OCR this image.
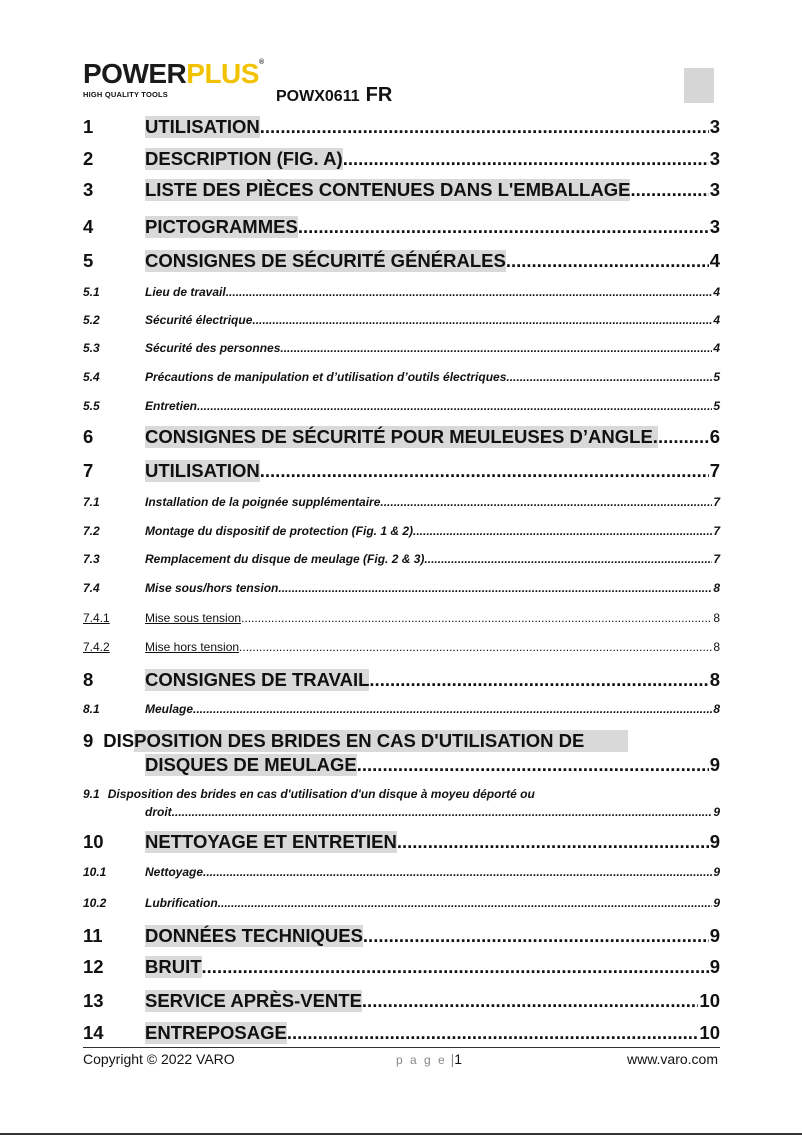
POWERPLUS®
HIGH QUALITY TOOLS	POWX0611 FR
1	UTILISATION .....	3
2	DESCRIPTION (FIG. A) .....	3
3	LISTE DES PIÈCES CONTENUES DANS L'EMBALLAGE .....	3
4	PICTOGRAMMES .....	3
5	CONSIGNES DE SÉCURITÉ GÉNÉRALES .....	4
5.1	Lieu de travail .....	4
5.2	Sécurité électrique .....	4
5.3	Sécurité des personnes .....	4
5.4	Précautions de manipulation et d’utilisation d’outils électriques .....	5
5.5	Entretien .....	5
6	CONSIGNES DE SÉCURITÉ POUR MEULEUSES D’ANGLE. .....	6
7	UTILISATION .....	7
7.1	Installation de la poignée supplémentaire .....	7
7.2	Montage du dispositif de protection (Fig. 1 & 2) .....	7
7.3	Remplacement du disque de meulage (Fig. 2 & 3) .....	7
7.4	Mise sous/hors tension .....	8
7.4.1	Mise sous tension .....	8
7.4.2	Mise hors tension .....	8
8	CONSIGNES DE TRAVAIL .....	8
8.1	Meulage .....	8
9 DIS POSITION DES BRIDES EN CAS D'UTILISATION DE
DISQUES DE MEULAGE .....	9
9.1 Disposition des brides en cas d'utilisation d'un disque à moyeu déporté ou
droit .....	9
10	NETTOYAGE ET ENTRETIEN .....	9
10.1	Nettoyage .....	9
10.2	Lubrification .....	9
11	DONNÉES TECHNIQUES .....	9
12	BRUIT .....	9
13	SERVICE APRÈS-VENTE .....	10
14	ENTREPOSAGE .....	10
Copyright © 2022 VARO	p a g e |1	www.varo.com
